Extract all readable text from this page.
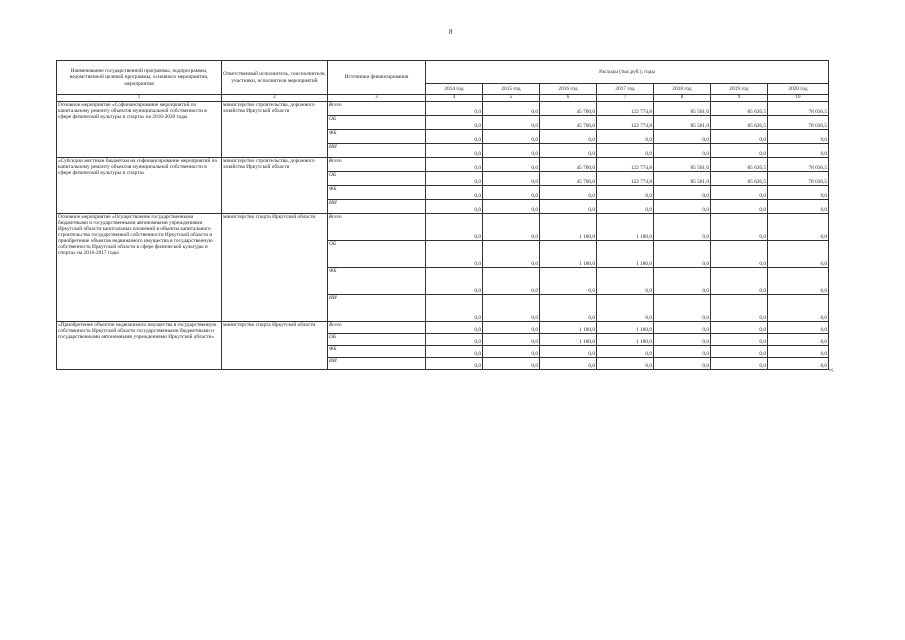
8
Наименование государственной программы, подпрограммы, ведомственной целевой программы, основного мероприятия, мероприятия	Ответственный исполнитель, соисполнители, участники, исполнители мероприятий	Источники финансирования	Расходы (тыс.руб.), годы						
			2014 год	2015 год	2016 год	2017 год	2018 год	2019 год	2020 год
1	2	3	4	5	6	7	8	9	10
Основное мероприятие «Софинансирование мероприятий по капитальному ремонту объектов муниципальной собственности в сфере физической культуры и спорта» на 2016-2020 годы	министерство строительства, дорожного хозяйства Иркутской области	Всего	0,0	0,0	45 700,0	122 774,8	85 501,0	85 626,5	78 036,5
		ОБ	0,0	0,0	45 700,0	122 774,8	85 501,0	85 626,5	78 036,5
		ФБ	0,0	0,0	0,0	0,0	0,0	0,0	0,0
		ИИ	0,0	0,0	0,0	0,0	0,0	0,0	0,0
«Субсидии местным бюджетам на софинансирование мероприятий по капитальному ремонту объектов муниципальной собственности в сфере физической культуры и спорта»	министерство строительства, дорожного хозяйства Иркутской области	Всего	0,0	0,0	45 700,0	122 774,8	85 501,0	85 626,5	78 036,5
		ОБ	0,0	0,0	45 700,0	122 774,8	85 501,0	85 626,5	78 036,5
		ФБ	0,0	0,0	0,0	0,0	0,0	0,0	0,0
		ИИ	0,0	0,0	0,0	0,0	0,0	0,0	0,0
Основное мероприятие «Осуществление государственными бюджетными и государственными автономными учреждениями Иркутской области капитальных вложений в объекты капитального строительства государственной собственности Иркутской области и приобретение объектов недвижимого имущества в государственную собственность Иркутской области в сфере физической культуры и спорта» на 2016-2017 годы	министерство спорта Иркутской области	Всего	0,0	0,0	1 180,0	1 180,0	0,0	0,0	0,0
		ОБ	0,0	0,0	1 180,0	1 180,0	0,0	0,0	0,0
		ФБ	0,0	0,0	0,0	0,0	0,0	0,0	0,0
		ИИ	0,0	0,0	0,0	0,0	0,0	0,0	0,0
«Приобретение объектов недвижимого имущества в государственную собственность Иркутской области государственными бюджетными и государственными автономными учреждениями Иркутской области»	министерство спорта Иркутской области	Всего	0,0	0,0	1 180,0	1 180,0	0,0	0,0	0,0
		ОБ	0,0	0,0	1 180,0	1 180,0	0,0	0,0	0,0
		ФБ	0,0	0,0	0,0	0,0	0,0	0,0	0,0
		ИИ	0,0	0,0	0,0	0,0	0,0	0,0	0,0
»;
